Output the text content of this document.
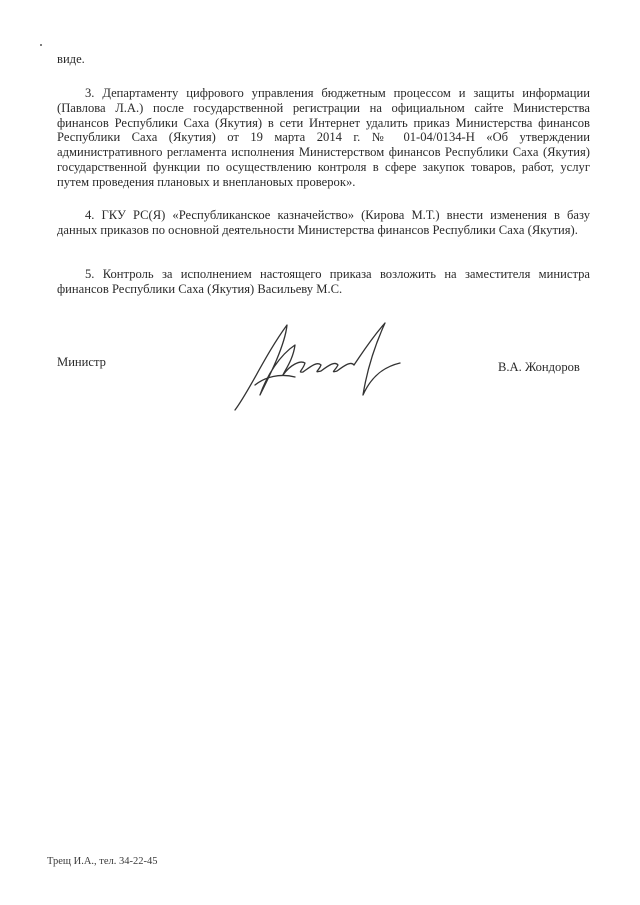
виде.

3. Департаменту цифрового управления бюджетным процессом и защиты информации (Павлова Л.А.) после государственной регистрации на официальном сайте Министерства финансов Республики Саха (Якутия) в сети Интернет удалить приказ Министерства финансов Республики Саха (Якутия) от 19 марта 2014 г. № 01-04/0134-Н «Об утверждении административного регламента исполнения Министерством финансов Республики Саха (Якутия) государственной функции по осуществлению контроля в сфере закупок товаров, работ, услуг путем проведения плановых и внеплановых проверок».

4. ГКУ РС(Я) «Республиканское казначейство» (Кирова М.Т.) внести изменения в базу данных приказов по основной деятельности Министерства финансов Республики Саха (Якутия).

5. Контроль за исполнением настоящего приказа возложить на заместителя министра финансов Республики Саха (Якутия) Васильеву М.С.

Министр	В.А. Жондоров
Трещ И.А., тел. 34-22-45
